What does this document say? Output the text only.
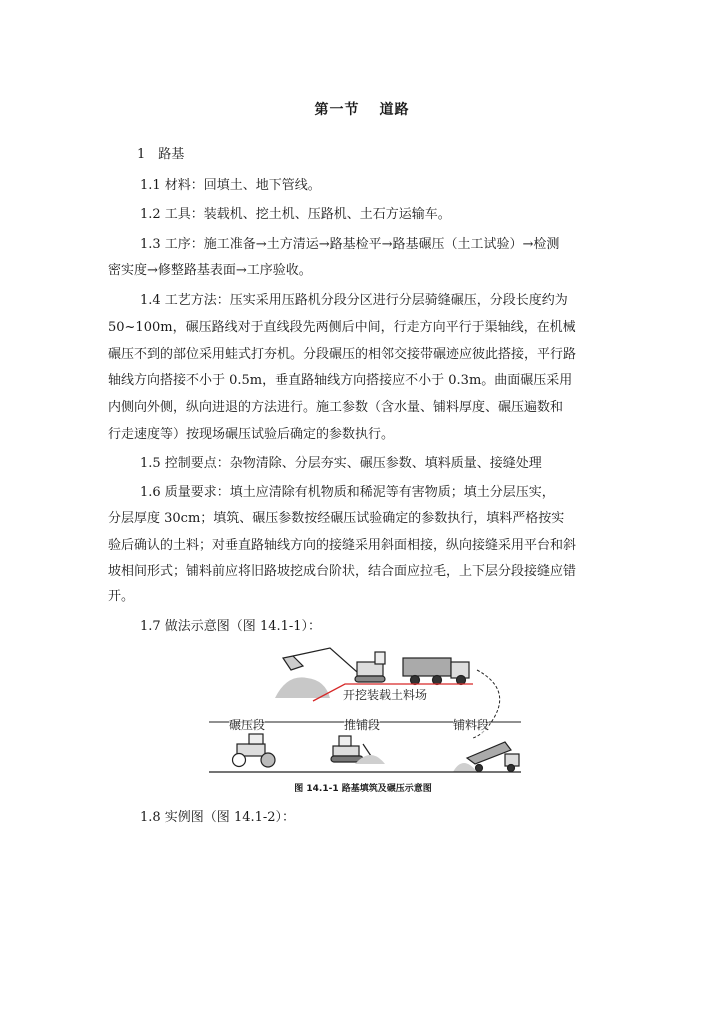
第一节 道路
1　路基
1.1 材料：回填土、地下管线。
1.2 工具：装载机、挖土机、压路机、土石方运输车。
1.3 工序：施工准备→土方清运→路基检平→路基碾压（土工试验）→检测
密实度→修整路基表面→工序验收。
1.4 工艺方法：压实采用压路机分段分区进行分层骑缝碾压，分段长度约为
50~100m，碾压路线对于直线段先两侧后中间，行走方向平行于渠轴线，在机械
碾压不到的部位采用蛙式打夯机。分段碾压的相邻交接带碾迹应彼此搭接，平行路
轴线方向搭接不小于 0.5m，垂直路轴线方向搭接应不小于 0.3m。曲面碾压采用
内侧向外侧，纵向进退的方法进行。施工参数（含水量、铺料厚度、碾压遍数和
行走速度等）按现场碾压试验后确定的参数执行。
1.5 控制要点：杂物清除、分层夯实、碾压参数、填料质量、接缝处理
1.6 质量要求：填土应清除有机物质和稀泥等有害物质；填土分层压实，
分层厚度 30cm；填筑、碾压参数按经碾压试验确定的参数执行，填料严格按实
验后确认的土料；对垂直路轴线方向的接缝采用斜面相接，纵向接缝采用平台和斜
坡相间形式；铺料前应将旧路坡挖成台阶状，结合面应拉毛，上下层分段接缝应错
开。
1.7 做法示意图（图 14.1-1）：
开挖装载土料场
碾压段	推铺段	铺料段
图 14.1-1 路基填筑及碾压示意图
1.8 实例图（图 14.1-2）：
